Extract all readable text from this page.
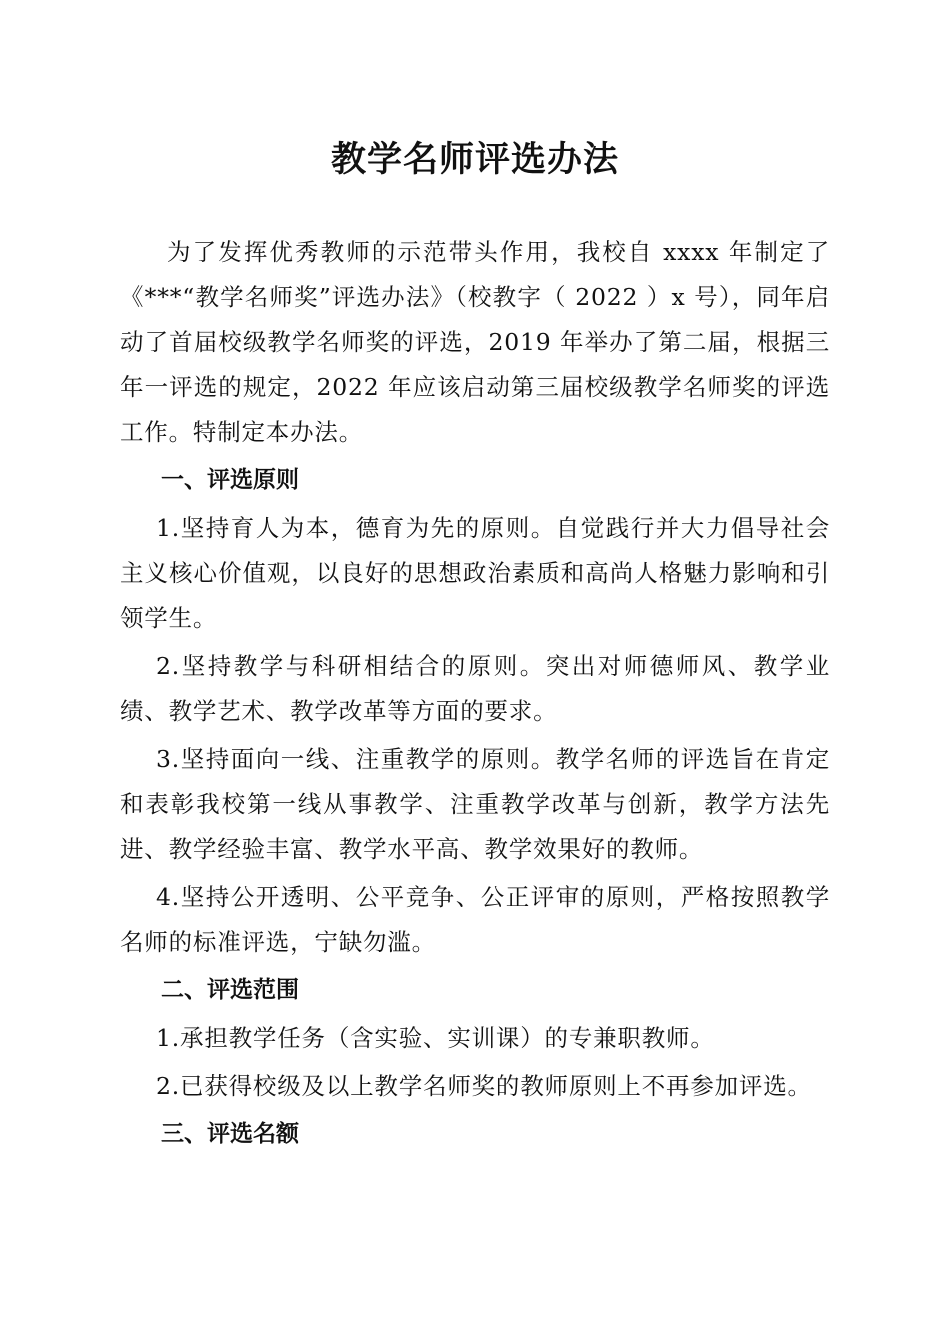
教学名师评选办法

为了发挥优秀教师的示范带头作用，我校自 xxxx 年制定了《***“教学名师奖”评选办法》（校教字（ 2022 ）x 号），同年启动了首届校级教学名师奖的评选，2019 年举办了第二届，根据三年一评选的规定，2022 年应该启动第三届校级教学名师奖的评选工作。特制定本办法。

一、评选原则

1.坚持育人为本，德育为先的原则。自觉践行并大力倡导社会主义核心价值观，以良好的思想政治素质和高尚人格魅力影响和引领学生。

2.坚持教学与科研相结合的原则。突出对师德师风、教学业绩、教学艺术、教学改革等方面的要求。

3.坚持面向一线、注重教学的原则。教学名师的评选旨在肯定和表彰我校第一线从事教学、注重教学改革与创新，教学方法先进、教学经验丰富、教学水平高、教学效果好的教师。

4.坚持公开透明、公平竞争、公正评审的原则，严格按照教学名师的标准评选，宁缺勿滥。

二、评选范围

1.承担教学任务（含实验、实训课）的专兼职教师。

2.已获得校级及以上教学名师奖的教师原则上不再参加评选。

三、评选名额
